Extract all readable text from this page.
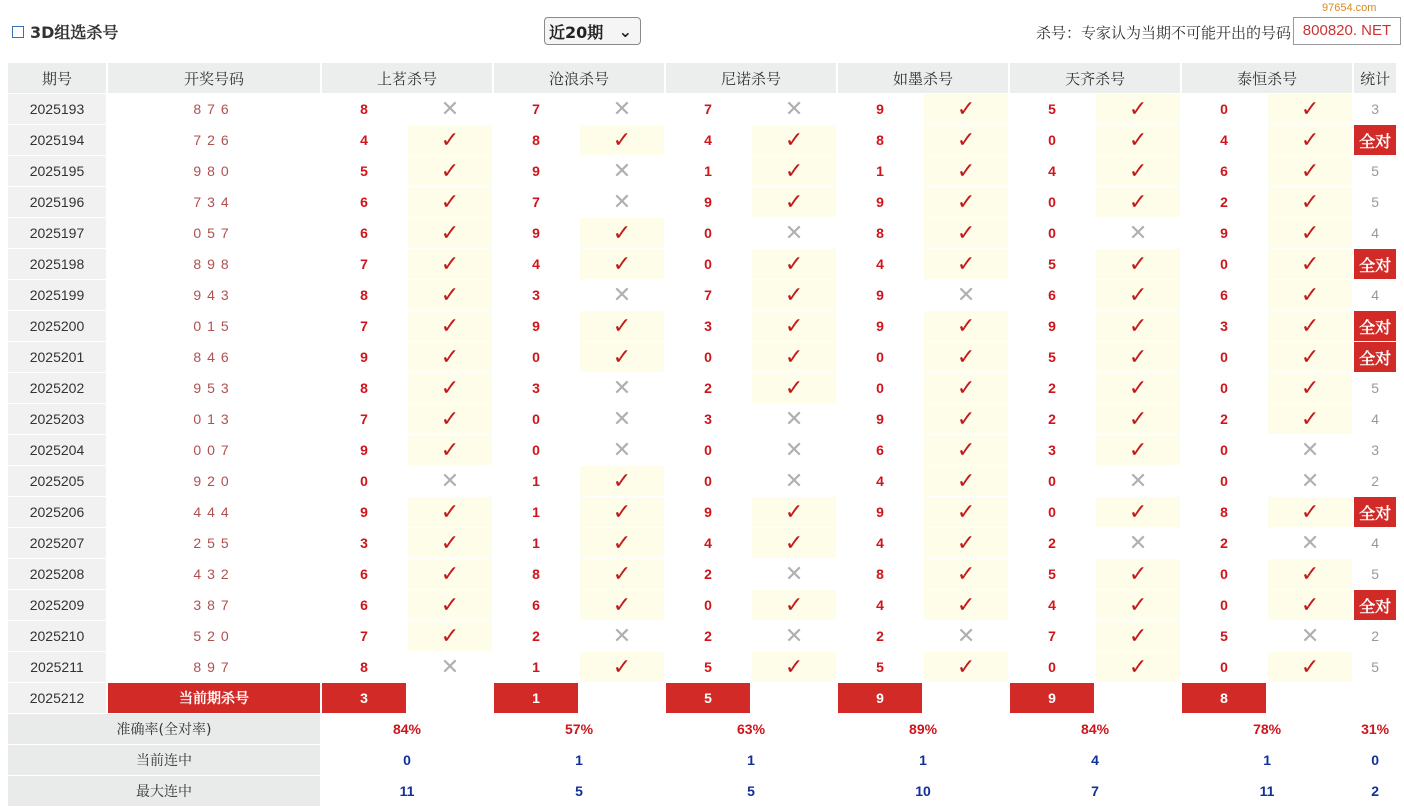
3D组选杀号	近20期 ⌄	杀号：专家认为当期不可能开出的号码 800820. NET
97654.com
期号	开奖号码	上茗杀号		沧浪杀号		尼诺杀号		如墨杀号		天齐杀号		泰恒杀号		统计
2025193	876	8	✕	7	✕	7	✕	9	✓	5	✓	0	✓	3
2025194	726	4	✓	8	✓	4	✓	8	✓	0	✓	4	✓	全对
2025195	980	5	✓	9	✕	1	✓	1	✓	4	✓	6	✓	5
2025196	734	6	✓	7	✕	9	✓	9	✓	0	✓	2	✓	5
2025197	057	6	✓	9	✓	0	✕	8	✓	0	✕	9	✓	4
2025198	898	7	✓	4	✓	0	✓	4	✓	5	✓	0	✓	全对
2025199	943	8	✓	3	✕	7	✓	9	✕	6	✓	6	✓	4
2025200	015	7	✓	9	✓	3	✓	9	✓	9	✓	3	✓	全对
2025201	846	9	✓	0	✓	0	✓	0	✓	5	✓	0	✓	全对
2025202	953	8	✓	3	✕	2	✓	0	✓	2	✓	0	✓	5
2025203	013	7	✓	0	✕	3	✕	9	✓	2	✓	2	✓	4
2025204	007	9	✓	0	✕	0	✕	6	✓	3	✓	0	✕	3
2025205	920	0	✕	1	✓	0	✕	4	✓	0	✕	0	✕	2
2025206	444	9	✓	1	✓	9	✓	9	✓	0	✓	8	✓	全对
2025207	255	3	✓	1	✓	4	✓	4	✓	2	✕	2	✕	4
2025208	432	6	✓	8	✓	2	✕	8	✓	5	✓	0	✓	5
2025209	387	6	✓	6	✓	0	✓	4	✓	4	✓	0	✓	全对
2025210	520	7	✓	2	✕	2	✕	2	✕	7	✓	5	✕	2
2025211	897	8	✕	1	✓	5	✓	5	✓	0	✓	0	✓	5
2025212	当前期杀号	3		1		5		9		9		8		
准确率(全对率)		84%		57%		63%		89%		84%		78%		31%
当前连中		0		1		1		1		4		1		0
最大连中		11		5		5		10		7		11		2
